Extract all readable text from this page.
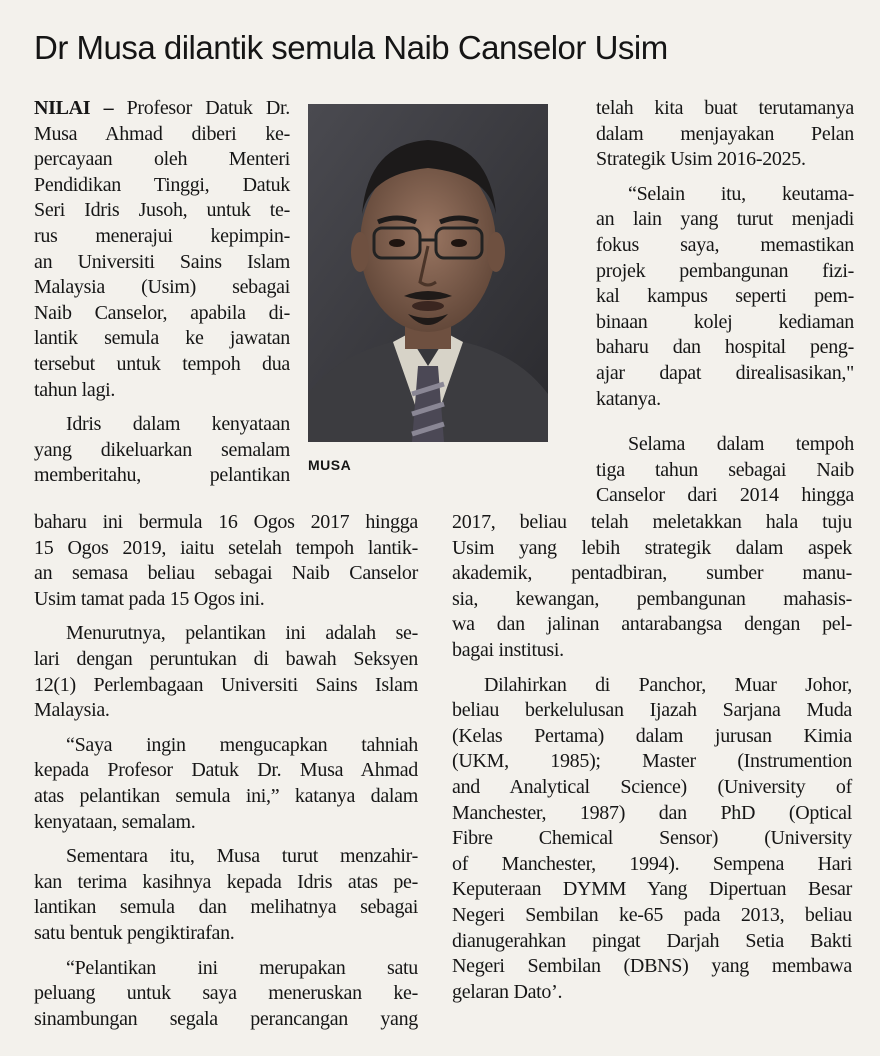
Dr Musa dilantik semula Naib Canselor Usim
NILAI – Profesor Datuk Dr.
Musa Ahmad diberi ke-
percayaan oleh Menteri
Pendidikan Tinggi, Datuk
Seri Idris Jusoh, untuk te-
rus menerajui kepimpin-
an Universiti Sains Islam
Malaysia (Usim) sebagai
Naib Canselor, apabila di-
lantik semula ke jawatan
tersebut untuk tempoh dua
tahun lagi.
Idris dalam kenyataan
yang dikeluarkan semalam
memberitahu, pelantikan
baharu ini bermula 16 Ogos 2017 hingga
15 Ogos 2019, iaitu setelah tempoh lantik-
an semasa beliau sebagai Naib Canselor
Usim tamat pada 15 Ogos ini.
Menurutnya, pelantikan ini adalah se-
lari dengan peruntukan di bawah Seksyen
12(1) Perlembagaan Universiti Sains Islam
Malaysia.
“Saya ingin mengucapkan tahniah
kepada Profesor Datuk Dr. Musa Ahmad
atas pelantikan semula ini,” katanya dalam
kenyataan, semalam.
Sementara itu, Musa turut menzahir-
kan terima kasihnya kepada Idris atas pe-
lantikan semula dan melihatnya sebagai
satu bentuk pengiktirafan.
“Pelantikan ini merupakan satu
peluang untuk saya meneruskan ke-
sinambungan segala perancangan yang
MUSA
telah kita buat terutamanya
dalam menjayakan Pelan
Strategik Usim 2016-2025.
“Selain itu, keutama-
an lain yang turut menjadi
fokus saya, memastikan
projek pembangunan fizi-
kal kampus seperti pem-
binaan kolej kediaman
baharu dan hospital peng-
ajar dapat direalisasikan,"
katanya.
Selama dalam tempoh
tiga tahun sebagai Naib
Canselor dari 2014 hingga
2017, beliau telah meletakkan hala tuju
Usim yang lebih strategik dalam aspek
akademik, pentadbiran, sumber manu-
sia, kewangan, pembangunan mahasis-
wa dan jalinan antarabangsa dengan pel-
bagai institusi.
Dilahirkan di Panchor, Muar Johor,
beliau berkelulusan Ijazah Sarjana Muda
(Kelas Pertama) dalam jurusan Kimia
(UKM, 1985); Master (Instrumention
and Analytical Science) (University of
Manchester, 1987) dan PhD (Optical
Fibre Chemical Sensor) (University
of Manchester, 1994). Sempena Hari
Keputeraan DYMM Yang Dipertuan Besar
Negeri Sembilan ke-65 pada 2013, beliau
dianugerahkan pingat Darjah Setia Bakti
Negeri Sembilan (DBNS) yang membawa
gelaran Dato’.
